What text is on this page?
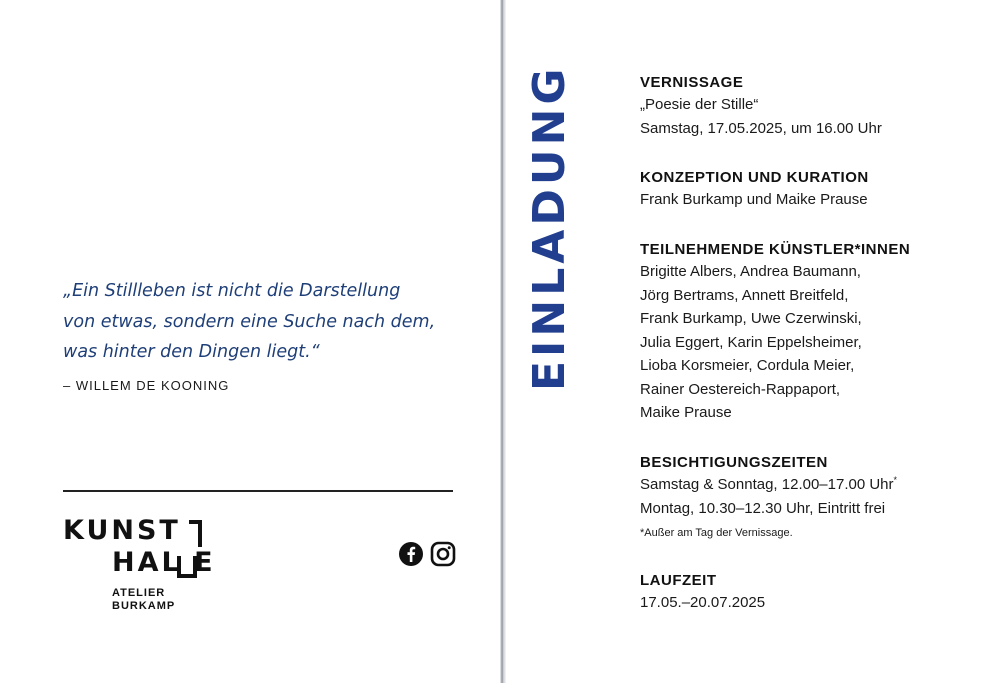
„Ein Stillleben ist nicht die Darstellung
von etwas, sondern eine Suche nach dem,
was hinter den Dingen liegt.“
– WILLEM DE KOONING
KUNST
HAL E
ATELIER
BURKAMP
EINLADUNG	VERNISSAGE
„Poesie der Stille“
Samstag, 17.05.2025, um 16.00 Uhr
KONZEPTION UND KURATION
Frank Burkamp und Maike Prause
TEILNEHMENDE KÜNSTLER*INNEN
Brigitte Albers, Andrea Baumann,
Jörg Bertrams, Annett Breitfeld,
Frank Burkamp, Uwe Czerwinski,
Julia Eggert, Karin Eppelsheimer,
Lioba Korsmeier, Cordula Meier,
Rainer Oestereich-Rappaport,
Maike Prause
BESICHTIGUNGSZEITEN
Samstag & Sonntag, 12.00–17.00 Uhr*
Montag, 10.30–12.30 Uhr, Eintritt frei
*Außer am Tag der Vernissage.
LAUFZEIT
17.05.–20.07.2025
